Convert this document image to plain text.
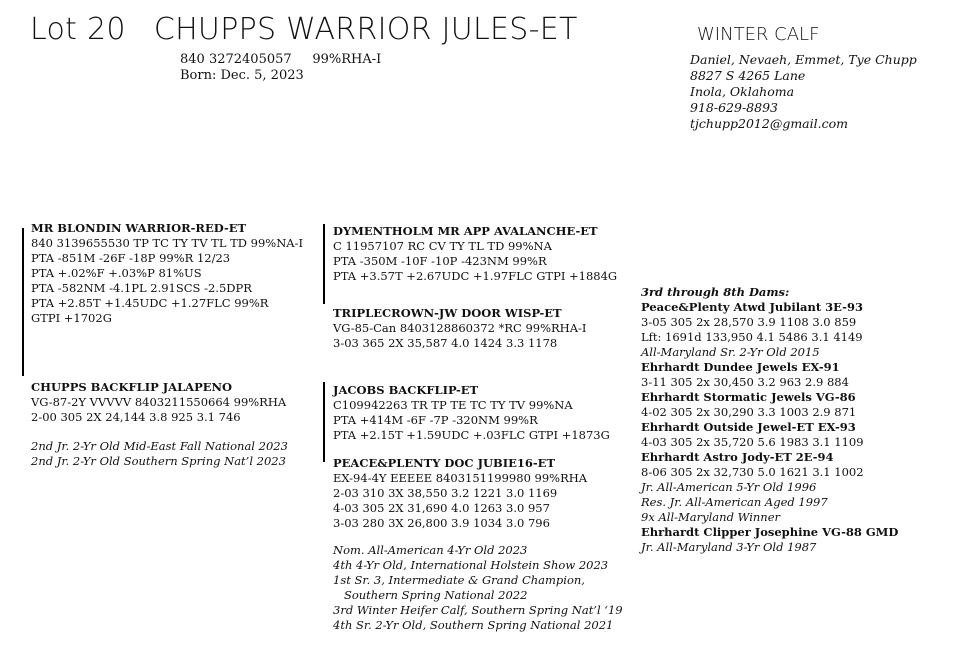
Lot 20 CHUPPS WARRIOR JULES-ET
840 3272405057     99%RHA-I
Born: Dec. 5, 2023
WINTER CALF
Daniel, Nevaeh, Emmet, Tye Chupp
8827 S 4265 Lane
Inola, Oklahoma
918-629-8893
tjchupp2012@gmail.com
MR BLONDIN WARRIOR-RED-ET
840 3139655530 TP TC TY TV TL TD 99%NA-I
PTA -851M -26F -18P 99%R 12/23
PTA +.02%F +.03%P 81%US
PTA -582NM -4.1PL 2.91SCS -2.5DPR
PTA +2.85T +1.45UDC +1.27FLC 99%R
GTPI +1702G
DYMENTHOLM MR APP AVALANCHE-ET
C 11957107 RC CV TY TL TD 99%NA
PTA -350M -10F -10P -423NM 99%R
PTA +3.57T +2.67UDC +1.97FLC GTPI +1884G
TRIPLECROWN-JW DOOR WISP-ET
VG-85-Can 8403128860372 *RC 99%RHA-I
3-03 365 2X 35,587 4.0 1424 3.3 1178
CHUPPS BACKFLIP JALAPENO
VG-87-2Y VVVVV 8403211550664 99%RHA
2-00 305 2X 24,144 3.8 925 3.1 746
2nd Jr. 2-Yr Old Mid-East Fall National 2023
2nd Jr. 2-Yr Old Southern Spring Nat’l 2023
JACOBS BACKFLIP-ET
C109942263 TR TP TE TC TY TV 99%NA
PTA +414M -6F -7P -320NM 99%R
PTA +2.15T +1.59UDC +.03FLC GTPI +1873G
PEACE&PLENTY DOC JUBIE16-ET
EX-94-4Y EEEEE 8403151199980 99%RHA
2-03 310 3X 38,550 3.2 1221 3.0 1169
4-03 305 2X 31,690 4.0 1263 3.0 957
3-03 280 3X 26,800 3.9 1034 3.0 796
Nom. All-American 4-Yr Old 2023
4th 4-Yr Old, International Holstein Show 2023
1st Sr. 3, Intermediate & Grand Champion,
Southern Spring National 2022
3rd Winter Heifer Calf, Southern Spring Nat’l ‘19
4th Sr. 2-Yr Old, Southern Spring National 2021
3rd through 8th Dams:
Peace&Plenty Atwd Jubilant 3E-93
3-05 305 2x 28,570 3.9 1108 3.0 859
Lft: 1691d 133,950 4.1 5486 3.1 4149
All-Maryland Sr. 2-Yr Old 2015
Ehrhardt Dundee Jewels EX-91
3-11 305 2x 30,450 3.2 963 2.9 884
Ehrhardt Stormatic Jewels VG-86
4-02 305 2x 30,290 3.3 1003 2.9 871
Ehrhardt Outside Jewel-ET EX-93
4-03 305 2x 35,720 5.6 1983 3.1 1109
Ehrhardt Astro Jody-ET 2E-94
8-06 305 2x 32,730 5.0 1621 3.1 1002
Jr. All-American 5-Yr Old 1996
Res. Jr. All-American Aged 1997
9x All-Maryland Winner
Ehrhardt Clipper Josephine VG-88 GMD
Jr. All-Maryland 3-Yr Old 1987
